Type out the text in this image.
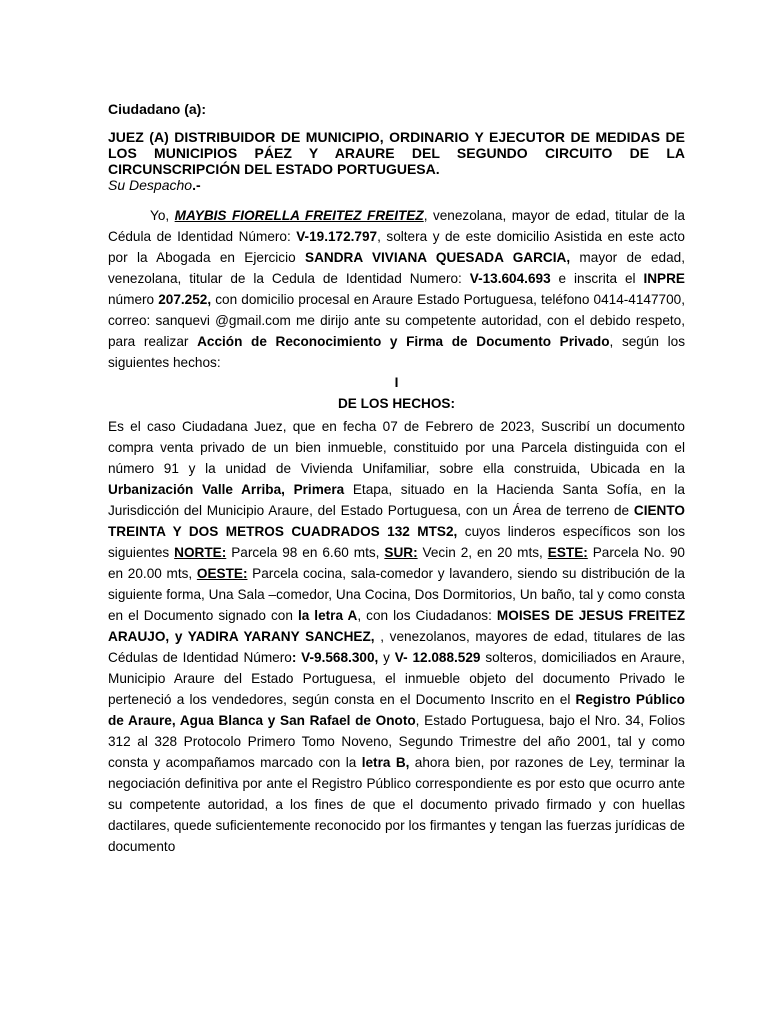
Ciudadano (a):
JUEZ (A) DISTRIBUIDOR DE MUNICIPIO, ORDINARIO Y EJECUTOR DE MEDIDAS DE LOS MUNICIPIOS PÁEZ Y ARAURE DEL SEGUNDO CIRCUITO DE LA CIRCUNSCRIPCIÓN DEL ESTADO PORTUGUESA.
Su Despacho.-

Yo, MAYBIS FIORELLA FREITEZ FREITEZ, venezolana, mayor de edad, titular de la Cédula de Identidad Número: V-19.172.797, soltera y de este domicilio Asistida en este acto por la Abogada en Ejercicio SANDRA VIVIANA QUESADA GARCIA, mayor de edad, venezolana, titular de la Cedula de Identidad Numero: V-13.604.693 e inscrita el INPRE número 207.252, con domicilio procesal en Araure Estado Portuguesa, teléfono 0414-4147700, correo: sanquevi @gmail.com me dirijo ante su competente autoridad, con el debido respeto, para realizar Acción de Reconocimiento y Firma de Documento Privado, según los siguientes hechos:

I
DE LOS HECHOS:

Es el caso Ciudadana Juez, que en fecha 07 de Febrero de 2023, Suscribí un documento compra venta privado de un bien inmueble, constituido por una Parcela distinguida con el número 91 y la unidad de Vivienda Unifamiliar, sobre ella construida, Ubicada en la Urbanización Valle Arriba, Primera Etapa, situado en la Hacienda Santa Sofía, en la Jurisdicción del Municipio Araure, del Estado Portuguesa, con un Área de terreno de CIENTO TREINTA Y DOS METROS CUADRADOS 132 MTS2, cuyos linderos específicos son los siguientes NORTE: Parcela 98 en 6.60 mts, SUR: Vecin 2, en 20 mts, ESTE: Parcela No. 90 en 20.00 mts, OESTE: Parcela cocina, sala-comedor y lavandero, siendo su distribución de la siguiente forma, Una Sala –comedor, Una Cocina, Dos Dormitorios, Un baño, tal y como consta en el Documento signado con la letra A, con los Ciudadanos: MOISES DE JESUS FREITEZ ARAUJO, y YADIRA YARANY SANCHEZ, , venezolanos, mayores de edad, titulares de las Cédulas de Identidad Número: V-9.568.300, y V- 12.088.529 solteros, domiciliados en Araure, Municipio Araure del Estado Portuguesa, el inmueble objeto del documento Privado le perteneció a los vendedores, según consta en el Documento Inscrito en el Registro Público de Araure, Agua Blanca y San Rafael de Onoto, Estado Portuguesa, bajo el Nro. 34, Folios 312 al 328 Protocolo Primero Tomo Noveno, Segundo Trimestre del año 2001, tal y como consta y acompañamos marcado con la letra B, ahora bien, por razones de Ley, terminar la negociación definitiva por ante el Registro Público correspondiente es por esto que ocurro ante su competente autoridad, a los fines de que el documento privado firmado y con huellas dactilares, quede suficientemente reconocido por los firmantes y tengan las fuerzas jurídicas de documento
